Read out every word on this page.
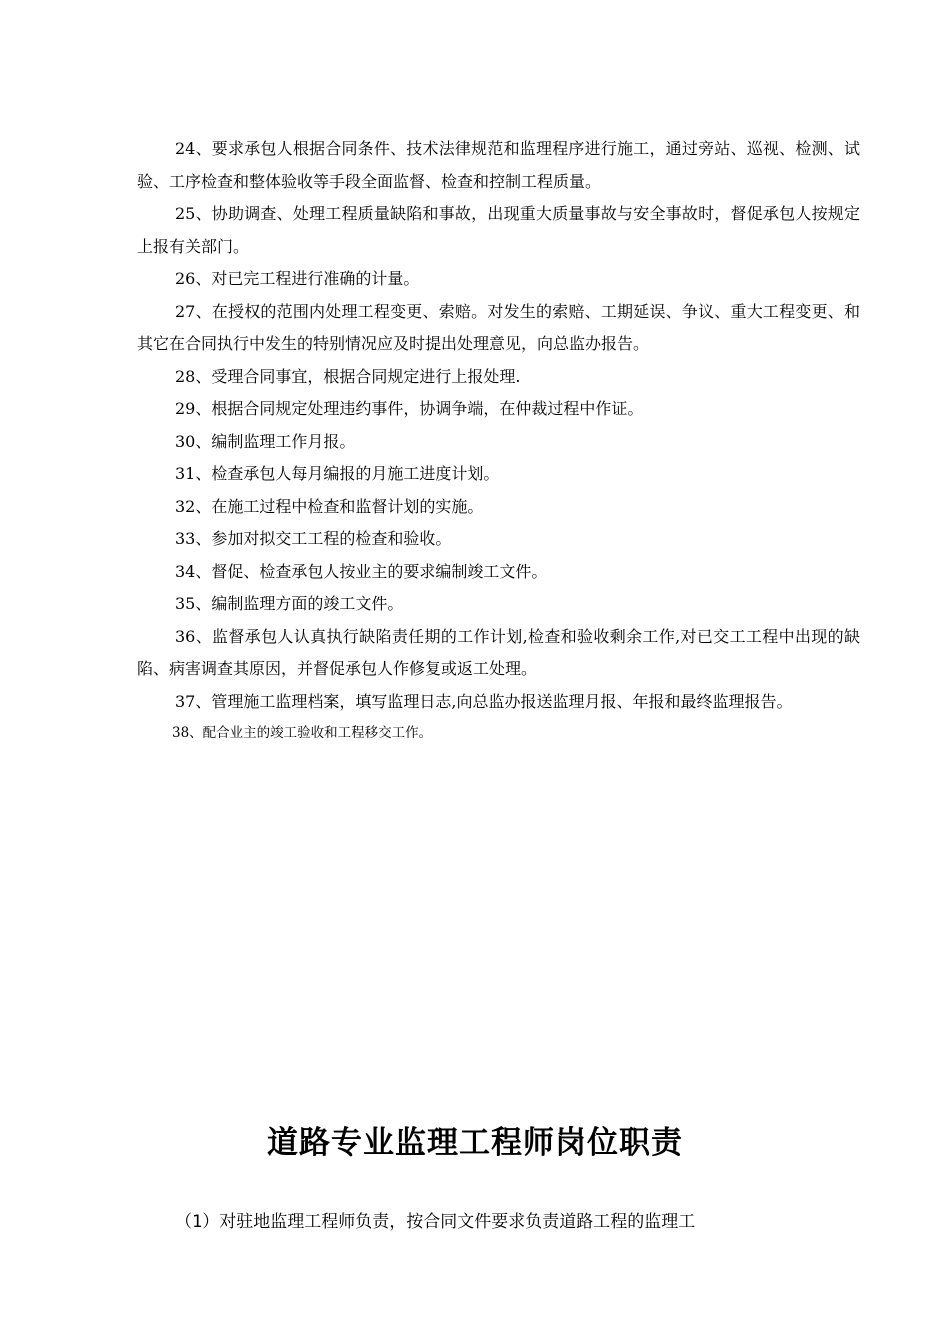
24、要求承包人根据合同条件、技术法律规范和监理程序进行施工，通过旁站、巡视、检测、试验、工序检查和整体验收等手段全面监督、检查和控制工程质量。

25、协助调查、处理工程质量缺陷和事故，出现重大质量事故与安全事故时，督促承包人按规定上报有关部门。

26、对已完工程进行准确的计量。

27、在授权的范围内处理工程变更、索赔。对发生的索赔、工期延误、争议、重大工程变更、和其它在合同执行中发生的特别情况应及时提出处理意见，向总监办报告。

28、受理合同事宜，根据合同规定进行上报处理.

29、根据合同规定处理违约事件，协调争端，在仲裁过程中作证。

30、编制监理工作月报。

31、检查承包人每月编报的月施工进度计划。

32、在施工过程中检查和监督计划的实施。

33、参加对拟交工工程的检查和验收。

34、督促、检查承包人按业主的要求编制竣工文件。

35、编制监理方面的竣工文件。

36、监督承包人认真执行缺陷责任期的工作计划,检查和验收剩余工作,对已交工工程中出现的缺陷、病害调查其原因，并督促承包人作修复或返工处理。

37、管理施工监理档案，填写监理日志,向总监办报送监理月报、年报和最终监理报告。

38、配合业主的竣工验收和工程移交工作。

道路专业监理工程师岗位职责

（1）对驻地监理工程师负责，按合同文件要求负责道路工程的监理工
